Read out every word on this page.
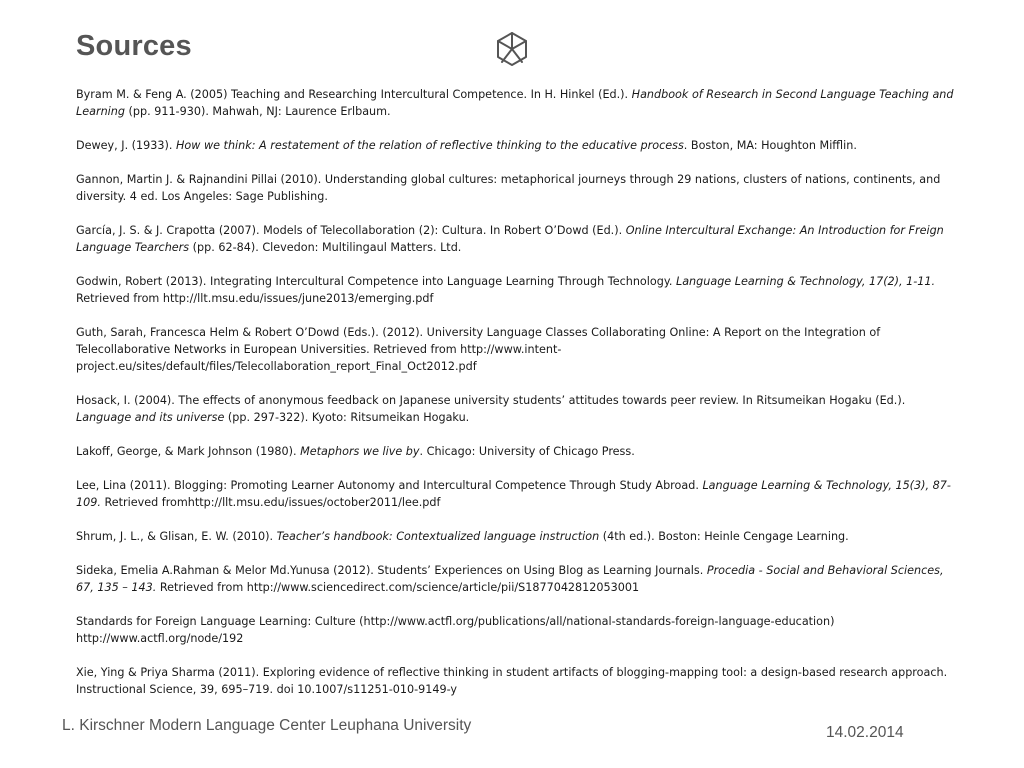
Sources

Byram M. & Feng A. (2005) Teaching and Researching Intercultural Competence. In H. Hinkel (Ed.). Handbook of Research in Second Language Teaching and Learning (pp. 911-930). Mahwah, NJ: Laurence Erlbaum.

Dewey, J. (1933). How we think: A restatement of the relation of reflective thinking to the educative process. Boston, MA: Houghton Mifflin.

Gannon, Martin J. & Rajnandini Pillai (2010). Understanding global cultures: metaphorical journeys through 29 nations, clusters of nations, continents, and diversity. 4 ed. Los Angeles: Sage Publishing.

García, J. S. & J. Crapotta (2007). Models of Telecollaboration (2): Cultura. In Robert O’Dowd (Ed.). Online Intercultural Exchange: An Introduction for Freign Language Tearchers (pp. 62-84). Clevedon: Multilingaul Matters. Ltd.

Godwin, Robert (2013). Integrating Intercultural Competence into Language Learning Through Technology. Language Learning & Technology, 17(2), 1-11. Retrieved from http://llt.msu.edu/issues/june2013/emerging.pdf

Guth, Sarah, Francesca Helm & Robert O’Dowd (Eds.). (2012). University Language Classes Collaborating Online: A Report on the Integration of Telecollaborative Networks in European Universities. Retrieved from http://www.intent-project.eu/sites/default/files/Telecollaboration_report_Final_Oct2012.pdf

Hosack, I. (2004). The effects of anonymous feedback on Japanese university students’ attitudes towards peer review. In Ritsumeikan Hogaku (Ed.). Language and its universe (pp. 297-322). Kyoto: Ritsumeikan Hogaku.

Lakoff, George, & Mark Johnson (1980). Metaphors we live by. Chicago: University of Chicago Press.

Lee, Lina (2011). Blogging: Promoting Learner Autonomy and Intercultural Competence Through Study Abroad. Language Learning & Technology, 15(3), 87-109. Retrieved fromhttp://llt.msu.edu/issues/october2011/lee.pdf

Shrum, J. L., & Glisan, E. W. (2010). Teacher’s handbook: Contextualized language instruction (4th ed.). Boston: Heinle Cengage Learning.

Sideka, Emelia A.Rahman & Melor Md.Yunusa (2012). Students’ Experiences on Using Blog as Learning Journals. Procedia - Social and Behavioral Sciences, 67, 135 – 143. Retrieved from http://www.sciencedirect.com/science/article/pii/S1877042812053001

Standards for Foreign Language Learning: Culture (http://www.actfl.org/publications/all/national-standards-foreign-language-education) http://www.actfl.org/node/192

Xie, Ying & Priya Sharma (2011). Exploring evidence of reflective thinking in student artifacts of blogging-mapping tool: a design-based research approach. Instructional Science, 39, 695–719. doi 10.1007/s11251-010-9149-y

L. Kirschner Modern Language Center Leuphana University	14.02.2014
